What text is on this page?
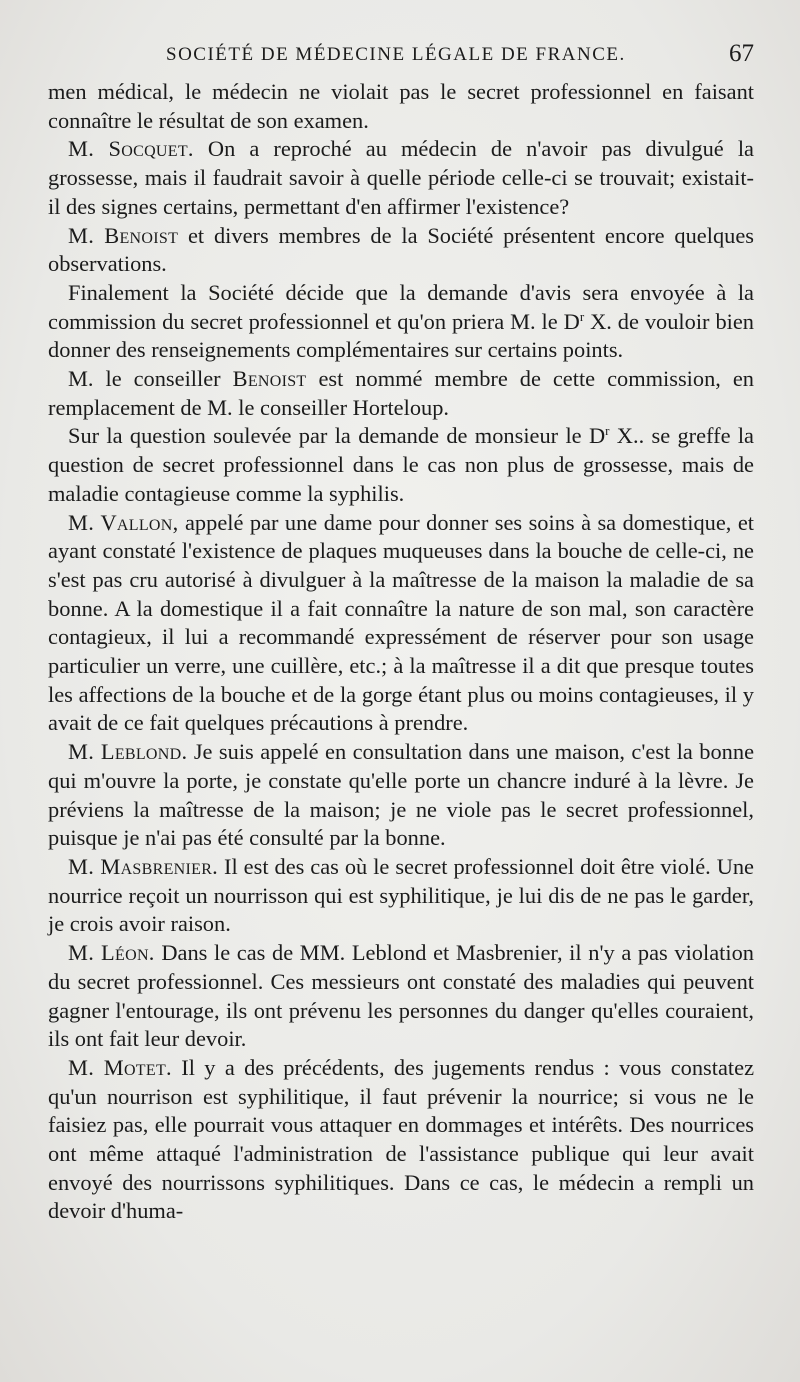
SOCIÉTÉ DE MÉDECINE LÉGALE DE FRANCE.	67

men médical, le médecin ne violait pas le secret professionnel en faisant connaître le résultat de son examen.

M. Socquet. On a reproché au médecin de n'avoir pas divulgué la grossesse, mais il faudrait savoir à quelle période celle-ci se trouvait; existait-il des signes certains, permettant d'en affirmer l'existence?

M. Benoist et divers membres de la Société présentent encore quelques observations.

Finalement la Société décide que la demande d'avis sera envoyée à la commission du secret professionnel et qu'on priera M. le $D^r$ X. de vouloir bien donner des renseignements complémentaires sur certains points.

M. le conseiller Benoist est nommé membre de cette commission, en remplacement de M. le conseiller Horteloup.

Sur la question soulevée par la demande de monsieur le $D^r$ X.. se greffe la question de secret professionnel dans le cas non plus de grossesse, mais de maladie contagieuse comme la syphilis.

M. Vallon, appelé par une dame pour donner ses soins à sa domestique, et ayant constaté l'existence de plaques muqueuses dans la bouche de celle-ci, ne s'est pas cru autorisé à divulguer à la maîtresse de la maison la maladie de sa bonne. A la domestique il a fait connaître la nature de son mal, son caractère contagieux, il lui a recommandé expressément de réserver pour son usage particulier un verre, une cuillère, etc.; à la maîtresse il a dit que presque toutes les affections de la bouche et de la gorge étant plus ou moins contagieuses, il y avait de ce fait quelques précautions à prendre.

M. Leblond. Je suis appelé en consultation dans une maison, c'est la bonne qui m'ouvre la porte, je constate qu'elle porte un chancre induré à la lèvre. Je préviens la maîtresse de la maison; je ne viole pas le secret professionnel, puisque je n'ai pas été consulté par la bonne.

M. Masbrenier. Il est des cas où le secret professionnel doit être violé. Une nourrice reçoit un nourrisson qui est syphilitique, je lui dis de ne pas le garder, je crois avoir raison.

M. Léon. Dans le cas de MM. Leblond et Masbrenier, il n'y a pas violation du secret professionnel. Ces messieurs ont constaté des maladies qui peuvent gagner l'entourage, ils ont prévenu les personnes du danger qu'elles couraient, ils ont fait leur devoir.

M. Motet. Il y a des précédents, des jugements rendus : vous constatez qu'un nourrison est syphilitique, il faut prévenir la nourrice; si vous ne le faisiez pas, elle pourrait vous attaquer en dommages et intérêts. Des nourrices ont même attaqué l'administration de l'assistance publique qui leur avait envoyé des nourrissons syphilitiques. Dans ce cas, le médecin a rempli un devoir d'huma-
